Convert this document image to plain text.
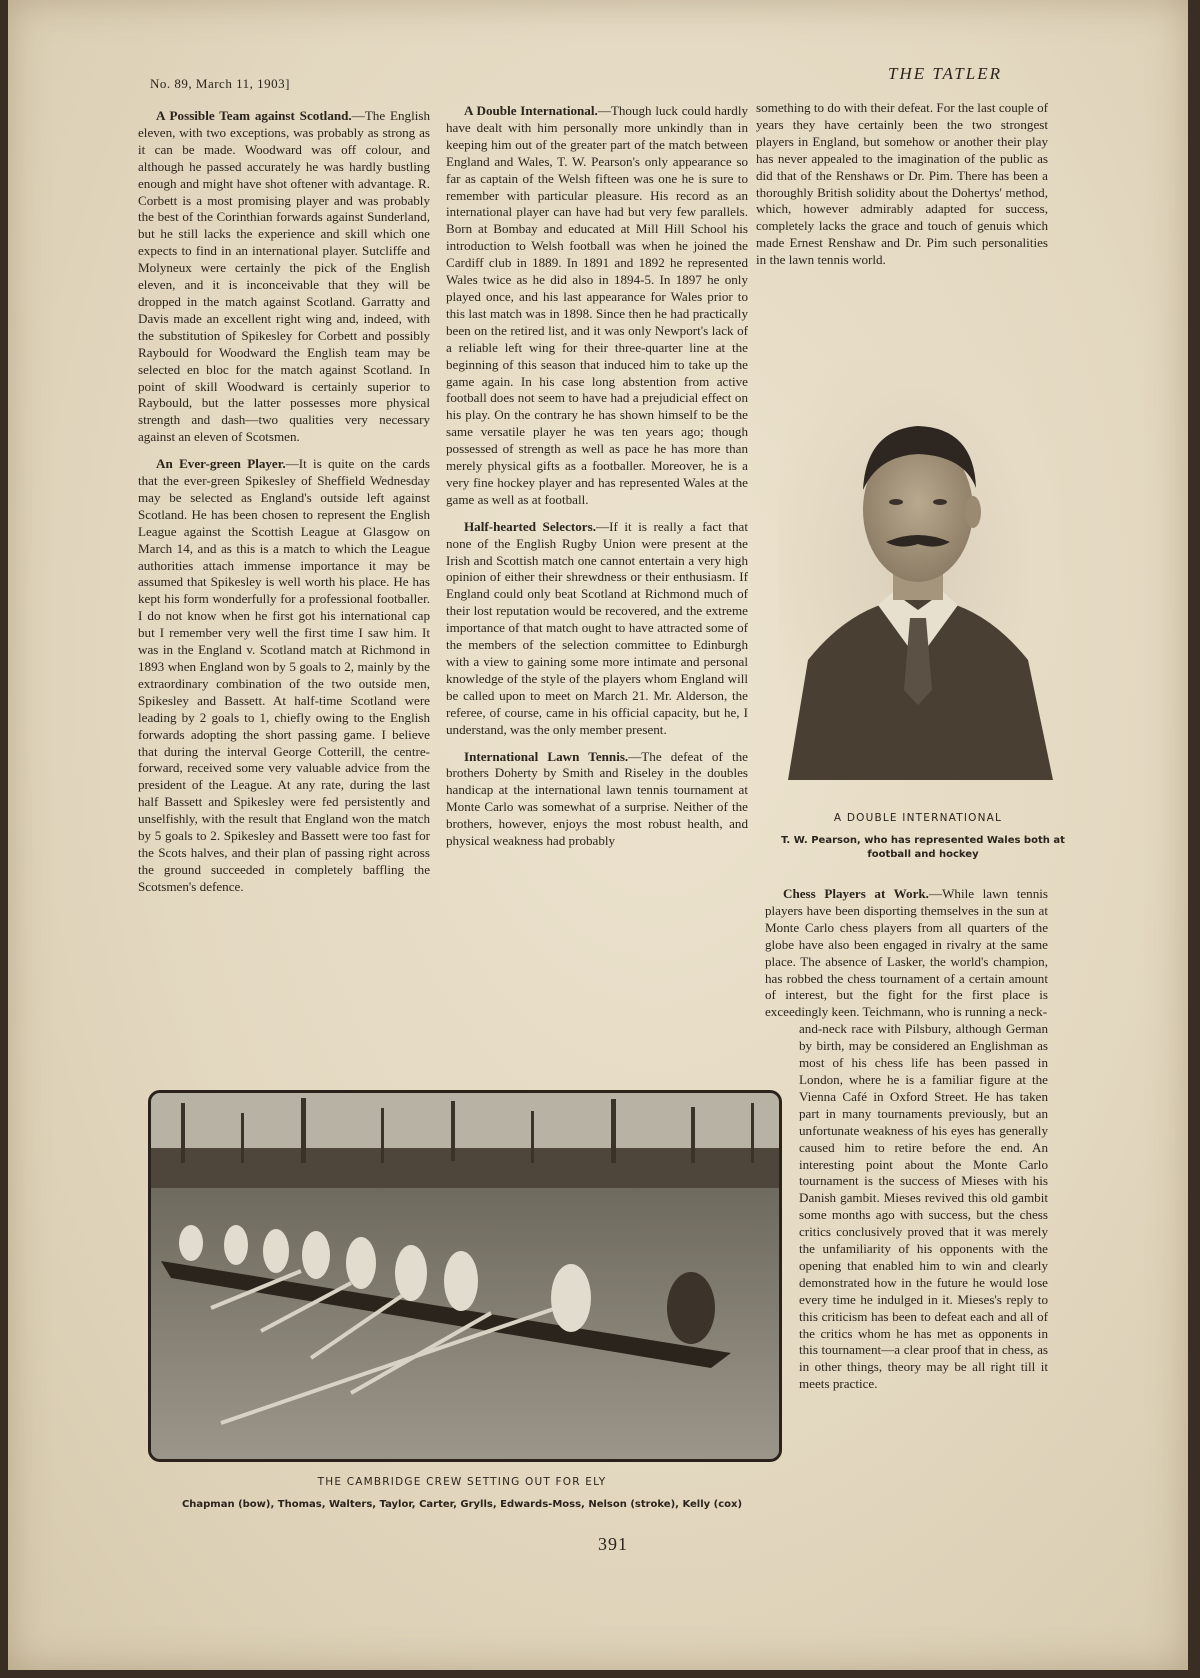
No. 89, March 11, 1903]
THE TATLER

A Possible Team against Scotland.—The English eleven, with two exceptions, was probably as strong as it can be made. Woodward was off colour, and although he passed accurately he was hardly bustling enough and might have shot oftener with advantage. R. Corbett is a most promising player and was probably the best of the Corinthian forwards against Sunderland, but he still lacks the experience and skill which one expects to find in an international player. Sutcliffe and Molyneux were certainly the pick of the English eleven, and it is inconceivable that they will be dropped in the match against Scotland. Garratty and Davis made an excellent right wing and, indeed, with the substitution of Spikesley for Corbett and possibly Raybould for Woodward the English team may be selected en bloc for the match against Scotland. In point of skill Woodward is certainly superior to Raybould, but the latter possesses more physical strength and dash—two qualities very necessary against an eleven of Scotsmen.

An Ever-green Player.—It is quite on the cards that the ever-green Spikesley of Sheffield Wednesday may be selected as England's outside left against Scotland. He has been chosen to represent the English League against the Scottish League at Glasgow on March 14, and as this is a match to which the League authorities attach immense importance it may be assumed that Spikesley is well worth his place. He has kept his form wonderfully for a professional footballer. I do not know when he first got his international cap but I remember very well the first time I saw him. It was in the England v. Scotland match at Richmond in 1893 when England won by 5 goals to 2, mainly by the extraordinary combination of the two outside men, Spikesley and Bassett. At half-time Scotland were leading by 2 goals to 1, chiefly owing to the English forwards adopting the short passing game. I believe that during the interval George Cotterill, the centre-forward, received some very valuable advice from the president of the League. At any rate, during the last half Bassett and Spikesley were fed persistently and unselfishly, with the result that England won the match by 5 goals to 2. Spikesley and Bassett were too fast for the Scots halves, and their plan of passing right across the ground succeeded in completely baffling the Scotsmen's defence.

A Double International.—Though luck could hardly have dealt with him personally more unkindly than in keeping him out of the greater part of the match between England and Wales, T. W. Pearson's only appearance so far as captain of the Welsh fifteen was one he is sure to remember with particular pleasure. His record as an international player can have had but very few parallels. Born at Bombay and educated at Mill Hill School his introduction to Welsh football was when he joined the Cardiff club in 1889. In 1891 and 1892 he represented Wales twice as he did also in 1894-5. In 1897 he only played once, and his last appearance for Wales prior to this last match was in 1898. Since then he had practically been on the retired list, and it was only Newport's lack of a reliable left wing for their three-quarter line at the beginning of this season that induced him to take up the game again. In his case long abstention from active football does not seem to have had a prejudicial effect on his play. On the contrary he has shown himself to be the same versatile player he was ten years ago; though possessed of strength as well as pace he has more than merely physical gifts as a footballer. Moreover, he is a very fine hockey player and has represented Wales at the game as well as at football.

Half-hearted Selectors.—If it is really a fact that none of the English Rugby Union were present at the Irish and Scottish match one cannot entertain a very high opinion of either their shrewdness or their enthusiasm. If England could only beat Scotland at Richmond much of their lost reputation would be recovered, and the extreme importance of that match ought to have attracted some of the members of the selection committee to Edinburgh with a view to gaining some more intimate and personal knowledge of the style of the players whom England will be called upon to meet on March 21. Mr. Alderson, the referee, of course, came in his official capacity, but he, I understand, was the only member present.

International Lawn Tennis.—The defeat of the brothers Doherty by Smith and Riseley in the doubles handicap at the international lawn tennis tournament at Monte Carlo was somewhat of a surprise. Neither of the brothers, however, enjoys the most robust health, and physical weakness had probably

something to do with their defeat. For the last couple of years they have certainly been the two strongest players in England, but somehow or another their play has never appealed to the imagination of the public as did that of the Renshaws or Dr. Pim. There has been a thoroughly British solidity about the Dohertys' method, which, however admirably adapted for success, completely lacks the grace and touch of genuis which made Ernest Renshaw and Dr. Pim such personalities in the lawn tennis world.

A DOUBLE INTERNATIONAL
T. W. Pearson, who has represented Wales both at football and hockey

Chess Players at Work.—While lawn tennis players have been disporting themselves in the sun at Monte Carlo chess players from all quarters of the globe have also been engaged in rivalry at the same place. The absence of Lasker, the world's champion, has robbed the chess tournament of a certain amount of interest, but the fight for the first place is exceedingly keen. Teichmann, who is running a neck-

and-neck race with Pilsbury, although German by birth, may be considered an Englishman as most of his chess life has been passed in London, where he is a familiar figure at the Vienna Café in Oxford Street. He has taken part in many tournaments previously, but an unfortunate weakness of his eyes has generally caused him to retire before the end. An interesting point about the Monte Carlo tournament is the success of Mieses with his Danish gambit. Mieses revived this old gambit some months ago with success, but the chess critics conclusively proved that it was merely the unfamiliarity of his opponents with the opening that enabled him to win and clearly demonstrated how in the future he would lose every time he indulged in it. Mieses's reply to this criticism has been to defeat each and all of the critics whom he has met as opponents in this tournament—a clear proof that in chess, as in other things, theory may be all right till it meets practice.

THE CAMBRIDGE CREW SETTING OUT FOR ELY
Chapman (bow), Thomas, Walters, Taylor, Carter, Grylls, Edwards-Moss, Nelson (stroke), Kelly (cox)
391
